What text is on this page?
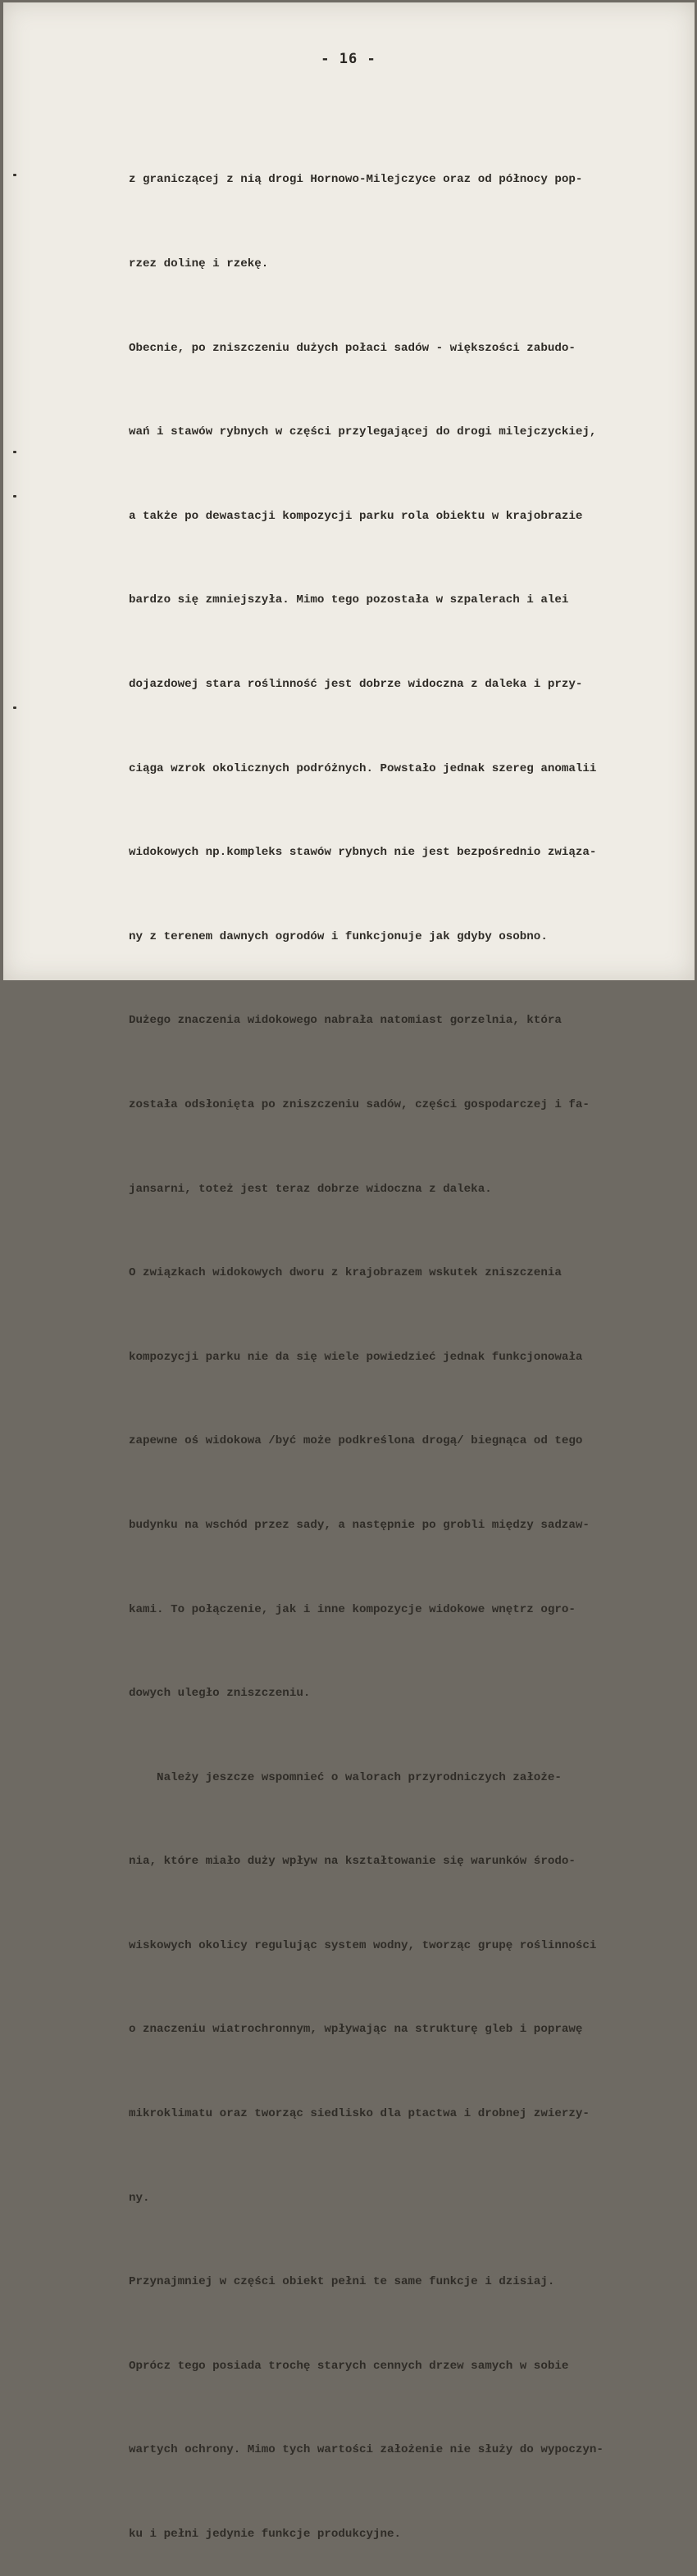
- 16 -

z graniczącej z nią drogi Hornowo-Milejczyce oraz od północy pop-

rzez dolinę i rzekę.

Obecnie, po zniszczeniu dużych połaci sadów - większości zabudo-

wań i stawów rybnych w części przylegającej do drogi milejczyckiej,

a także po dewastacji kompozycji parku rola obiektu w krajobrazie

bardzo się zmniejszyła. Mimo tego pozostała w szpalerach i alei

dojazdowej stara roślinność jest dobrze widoczna z daleka i przy-

ciąga wzrok okolicznych podróżnych. Powstało jednak szereg anomalii

widokowych np.kompleks stawów rybnych nie jest bezpośrednio związa-

ny z terenem dawnych ogrodów i funkcjonuje jak gdyby osobno.

Dużego znaczenia widokowego nabrała natomiast gorzelnia, która

została odsłonięta po zniszczeniu sadów, części gospodarczej i fa-

jansarni, toteż jest teraz dobrze widoczna z daleka.

O związkach widokowych dworu z krajobrazem wskutek zniszczenia

kompozycji parku nie da się wiele powiedzieć jednak funkcjonowała

zapewne oś widokowa /być może podkreślona drogą/ biegnąca od tego

budynku na wschód przez sady, a następnie po grobli między sadzaw-

kami. To połączenie, jak i inne kompozycje widokowe wnętrz ogro-

dowych uległo zniszczeniu.

Należy jeszcze wspomnieć o walorach przyrodniczych założe-

nia, które miało duży wpływ na kształtowanie się warunków środo-

wiskowych okolicy regulując system wodny, tworząc grupę roślinności

o znaczeniu wiatrochronnym, wpływając na strukturę gleb i poprawę

mikroklimatu oraz tworząc siedlisko dla ptactwa i drobnej zwierzy-

ny.

Przynajmniej w części obiekt pełni te same funkcje i dzisiaj.

Oprócz tego posiada trochę starych cennych drzew samych w sobie

wartych ochrony. Mimo tych wartości założenie nie służy do wypoczyn-

ku i pełni jedynie funkcje produkcyjne.
